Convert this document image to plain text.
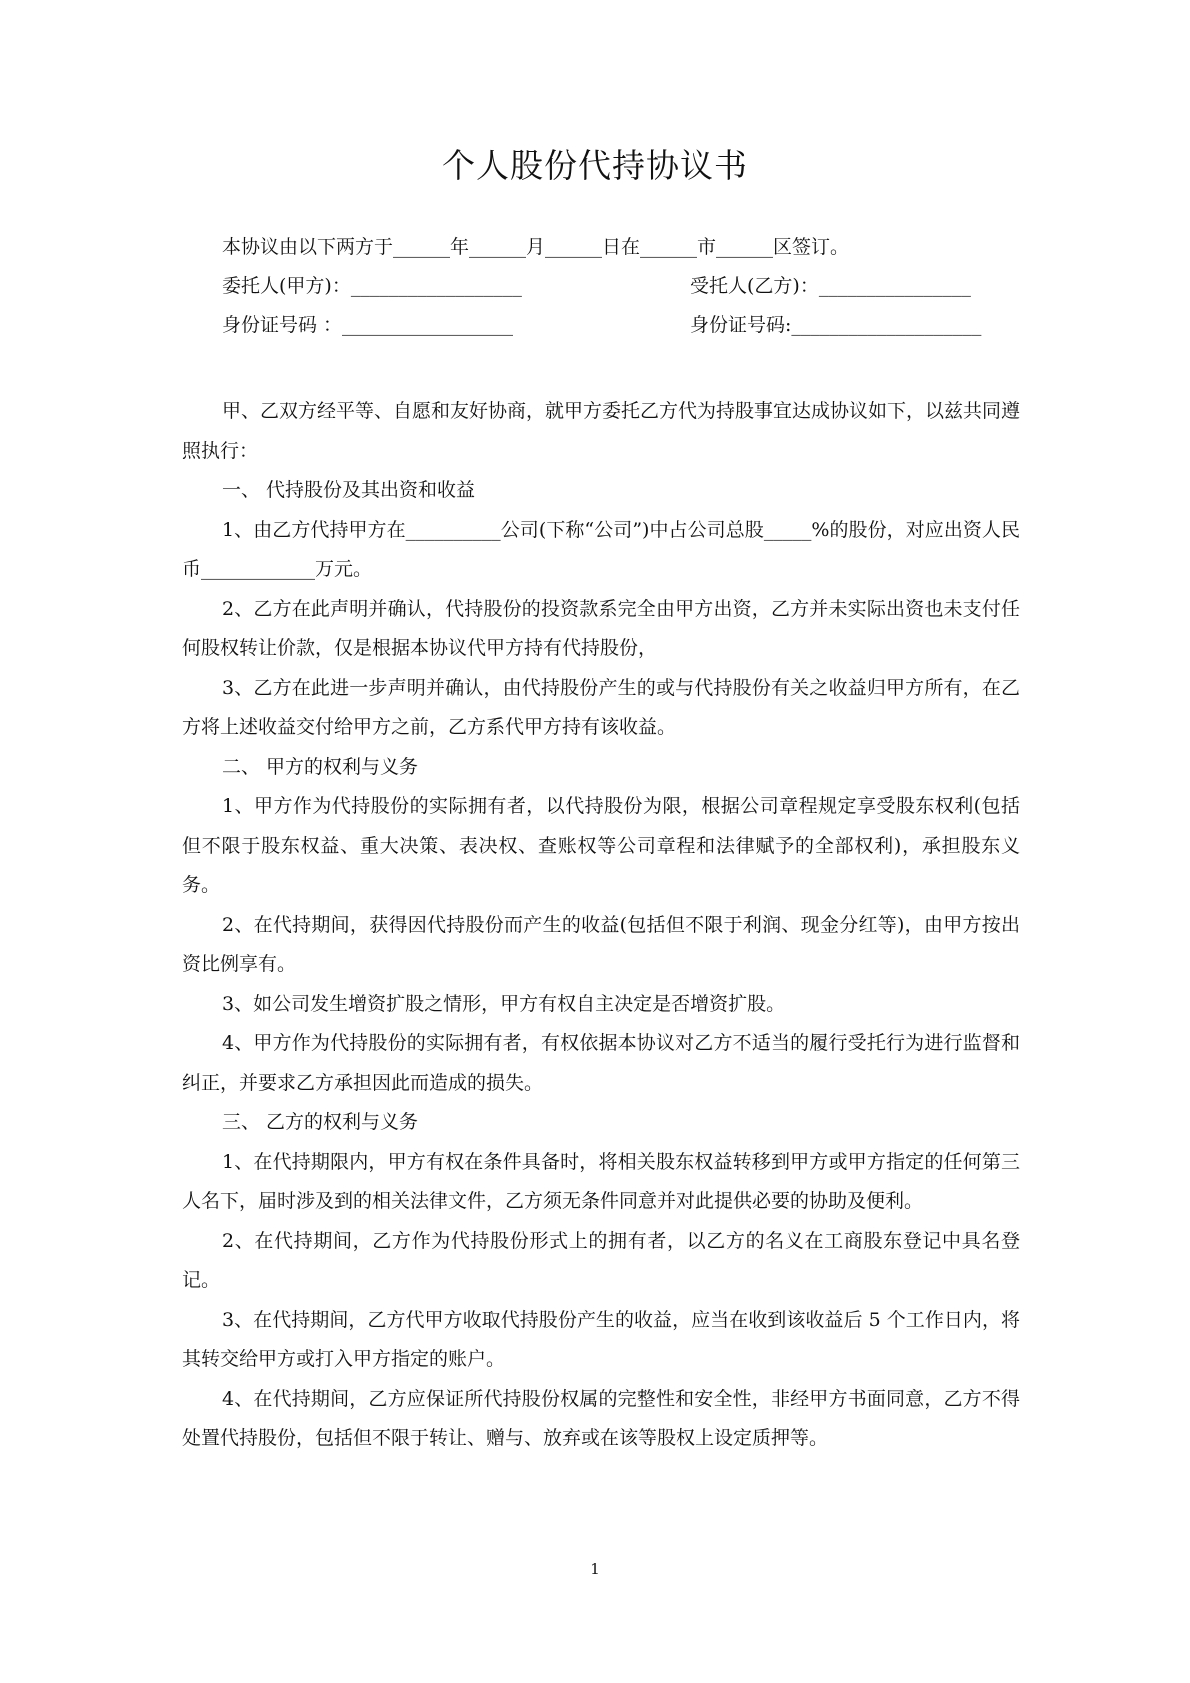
个人股份代持协议书
本协议由以下两方于______年______月______日在______市______区签订。
委托人(甲方)：__________________	受托人(乙方)：________________
身份证号码 ：__________________	身份证号码:____________________

甲、乙双方经平等、自愿和友好协商，就甲方委托乙方代为持股事宜达成协议如下，以兹共同遵照执行：

一、 代持股份及其出资和收益

1、由乙方代持甲方在__________公司(下称“公司”)中占公司总股_____%的股份，对应出资人民币____________万元。

2、乙方在此声明并确认，代持股份的投资款系完全由甲方出资，乙方并未实际出资也未支付任何股权转让价款，仅是根据本协议代甲方持有代持股份，

3、乙方在此进一步声明并确认，由代持股份产生的或与代持股份有关之收益归甲方所有，在乙方将上述收益交付给甲方之前，乙方系代甲方持有该收益。

二、 甲方的权利与义务

1、甲方作为代持股份的实际拥有者，以代持股份为限，根据公司章程规定享受股东权利(包括但不限于股东权益、重大决策、表决权、查账权等公司章程和法律赋予的全部权利)，承担股东义务。

2、在代持期间，获得因代持股份而产生的收益(包括但不限于利润、现金分红等)，由甲方按出资比例享有。

3、如公司发生增资扩股之情形，甲方有权自主决定是否增资扩股。

4、甲方作为代持股份的实际拥有者，有权依据本协议对乙方不适当的履行受托行为进行监督和纠正，并要求乙方承担因此而造成的损失。

三、 乙方的权利与义务

1、在代持期限内，甲方有权在条件具备时，将相关股东权益转移到甲方或甲方指定的任何第三人名下，届时涉及到的相关法律文件，乙方须无条件同意并对此提供必要的协助及便利。

2、在代持期间，乙方作为代持股份形式上的拥有者，以乙方的名义在工商股东登记中具名登记。

3、在代持期间，乙方代甲方收取代持股份产生的收益，应当在收到该收益后 5 个工作日内，将其转交给甲方或打入甲方指定的账户。

4、在代持期间，乙方应保证所代持股份权属的完整性和安全性，非经甲方书面同意，乙方不得处置代持股份，包括但不限于转让、赠与、放弃或在该等股权上设定质押等。

1
